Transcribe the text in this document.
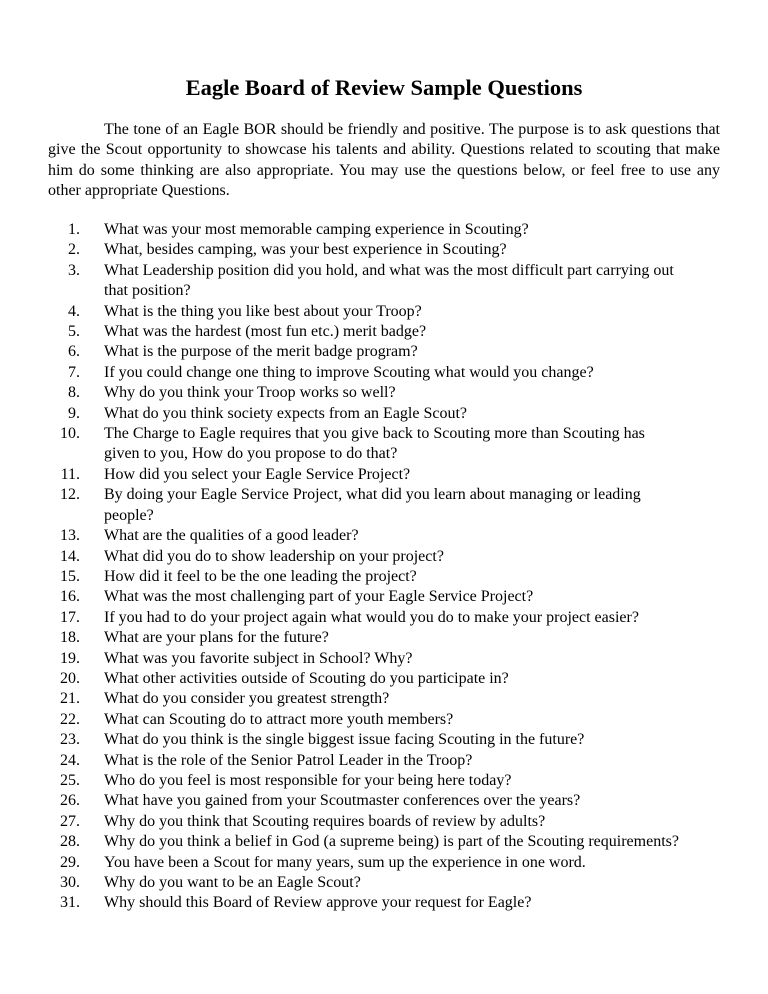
Eagle Board of Review Sample Questions

The tone of an Eagle BOR should be friendly and positive. The purpose is to ask questions that give the Scout opportunity to showcase his talents and ability. Questions related to scouting that make him do some thinking are also appropriate. You may use the questions below, or feel free to use any other appropriate Questions.

1.	What was your most memorable camping experience in Scouting?
2.	What, besides camping, was your best experience in Scouting?
3.	What Leadership position did you hold, and what was the most difficult part carrying out that position?
4.	What is the thing you like best about your Troop?
5.	What was the hardest (most fun etc.) merit badge?
6.	What is the purpose of the merit badge program?
7.	If you could change one thing to improve Scouting what would you change?
8.	Why do you think your Troop works so well?
9.	What do you think society expects from an Eagle Scout?
10.	The Charge to Eagle requires that you give back to Scouting more than Scouting has given to you, How do you propose to do that?
11.	How did you select your Eagle Service Project?
12.	By doing your Eagle Service Project, what did you learn about managing or leading people?
13.	What are the qualities of a good leader?
14.	What did you do to show leadership on your project?
15.	How did it feel to be the one leading the project?
16.	What was the most challenging part of your Eagle Service Project?
17.	If you had to do your project again what would you do to make your project easier?
18.	What are your plans for the future?
19.	What was you favorite subject in School? Why?
20.	What other activities outside of Scouting do you participate in?
21.	What do you consider you greatest strength?
22.	What can Scouting do to attract more youth members?
23.	What do you think is the single biggest issue facing Scouting in the future?
24.	What is the role of the Senior Patrol Leader in the Troop?
25.	Who do you feel is most responsible for your being here today?
26.	What have you gained from your Scoutmaster conferences over the years?
27.	Why do you think that Scouting requires boards of review by adults?
28.	Why do you think a belief in God (a supreme being) is part of the Scouting requirements?
29.	You have been a Scout for many years, sum up the experience in one word.
30.	Why do you want to be an Eagle Scout?
31.	Why should this Board of Review approve your request for Eagle?
